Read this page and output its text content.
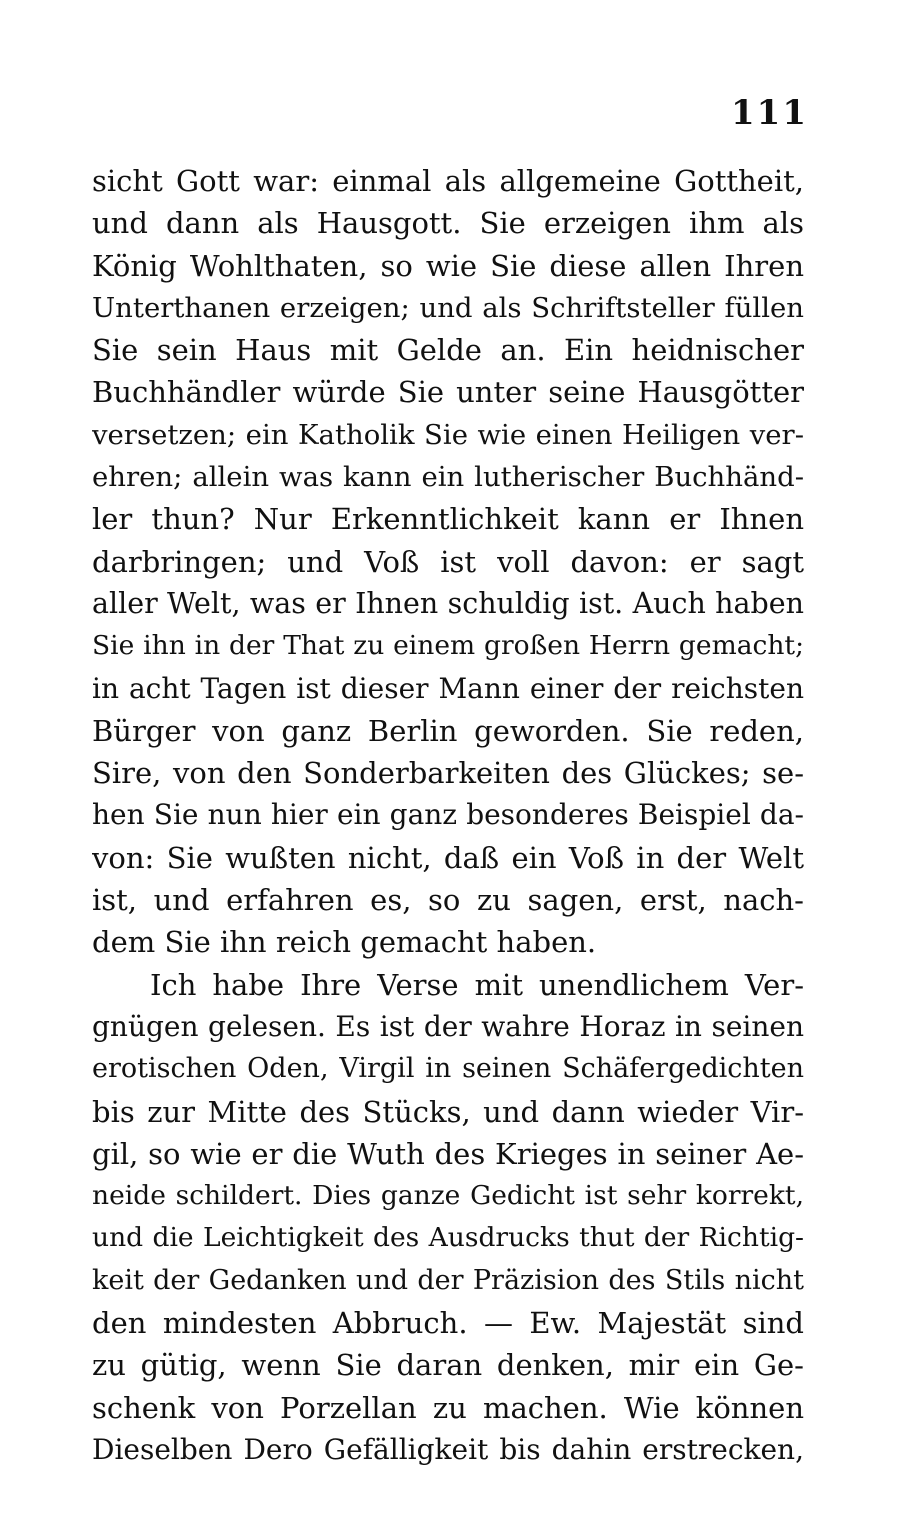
111
sicht Gott war: einmal als allgemeine Gottheit,
und dann als Hausgott. Sie erzeigen ihm als
König Wohlthaten, so wie Sie diese allen Ihren
Unterthanen erzeigen; und als Schriftsteller füllen
Sie sein Haus mit Gelde an. Ein heidnischer
Buchhändler würde Sie unter seine Hausgötter
versetzen; ein Katholik Sie wie einen Heiligen ver-
ehren; allein was kann ein lutherischer Buchhänd-
ler thun? Nur Erkenntlichkeit kann er Ihnen
darbringen; und Voß ist voll davon: er sagt
aller Welt, was er Ihnen schuldig ist. Auch haben
Sie ihn in der That zu einem großen Herrn gemacht;
in acht Tagen ist dieser Mann einer der reichsten
Bürger von ganz Berlin geworden. Sie reden,
Sire, von den Sonderbarkeiten des Glückes; se-
hen Sie nun hier ein ganz besonderes Beispiel da-
von: Sie wußten nicht, daß ein Voß in der Welt
ist, und erfahren es, so zu sagen, erst, nach-
dem Sie ihn reich gemacht haben.
Ich habe Ihre Verse mit unendlichem Ver-
gnügen gelesen. Es ist der wahre Horaz in seinen
erotischen Oden, Virgil in seinen Schäfergedichten
bis zur Mitte des Stücks, und dann wieder Vir-
gil, so wie er die Wuth des Krieges in seiner Ae-
neide schildert. Dies ganze Gedicht ist sehr korrekt,
und die Leichtigkeit des Ausdrucks thut der Richtig-
keit der Gedanken und der Präzision des Stils nicht
den mindesten Abbruch. — Ew. Majestät sind
zu gütig, wenn Sie daran denken, mir ein Ge-
schenk von Porzellan zu machen. Wie können
Dieselben Dero Gefälligkeit bis dahin erstrecken,
